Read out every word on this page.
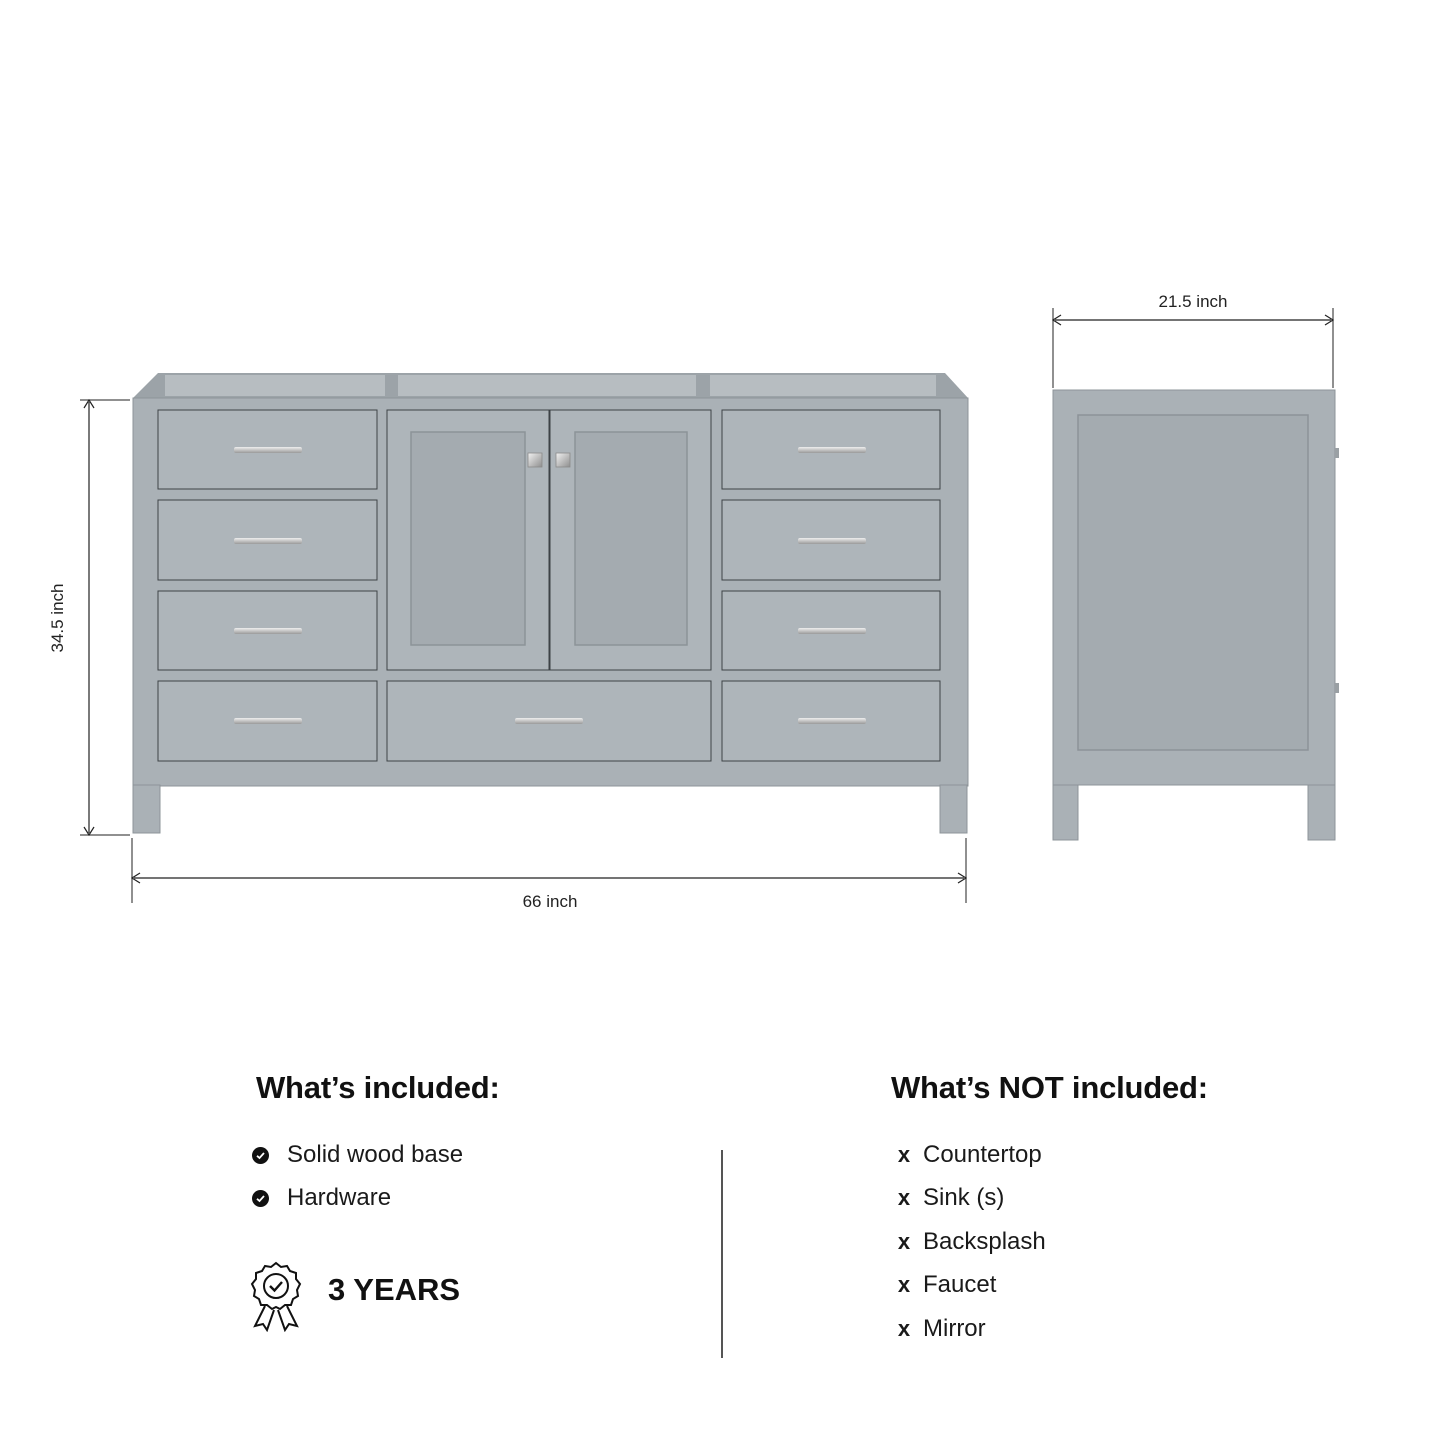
34.5 inch
66 inch
21.5 inch
What’s included:
Solid wood base
Hardware
3 YEARS
What’s NOT included:
x Countertop
x Sink (s)
x Backsplash
x Faucet
x Mirror
